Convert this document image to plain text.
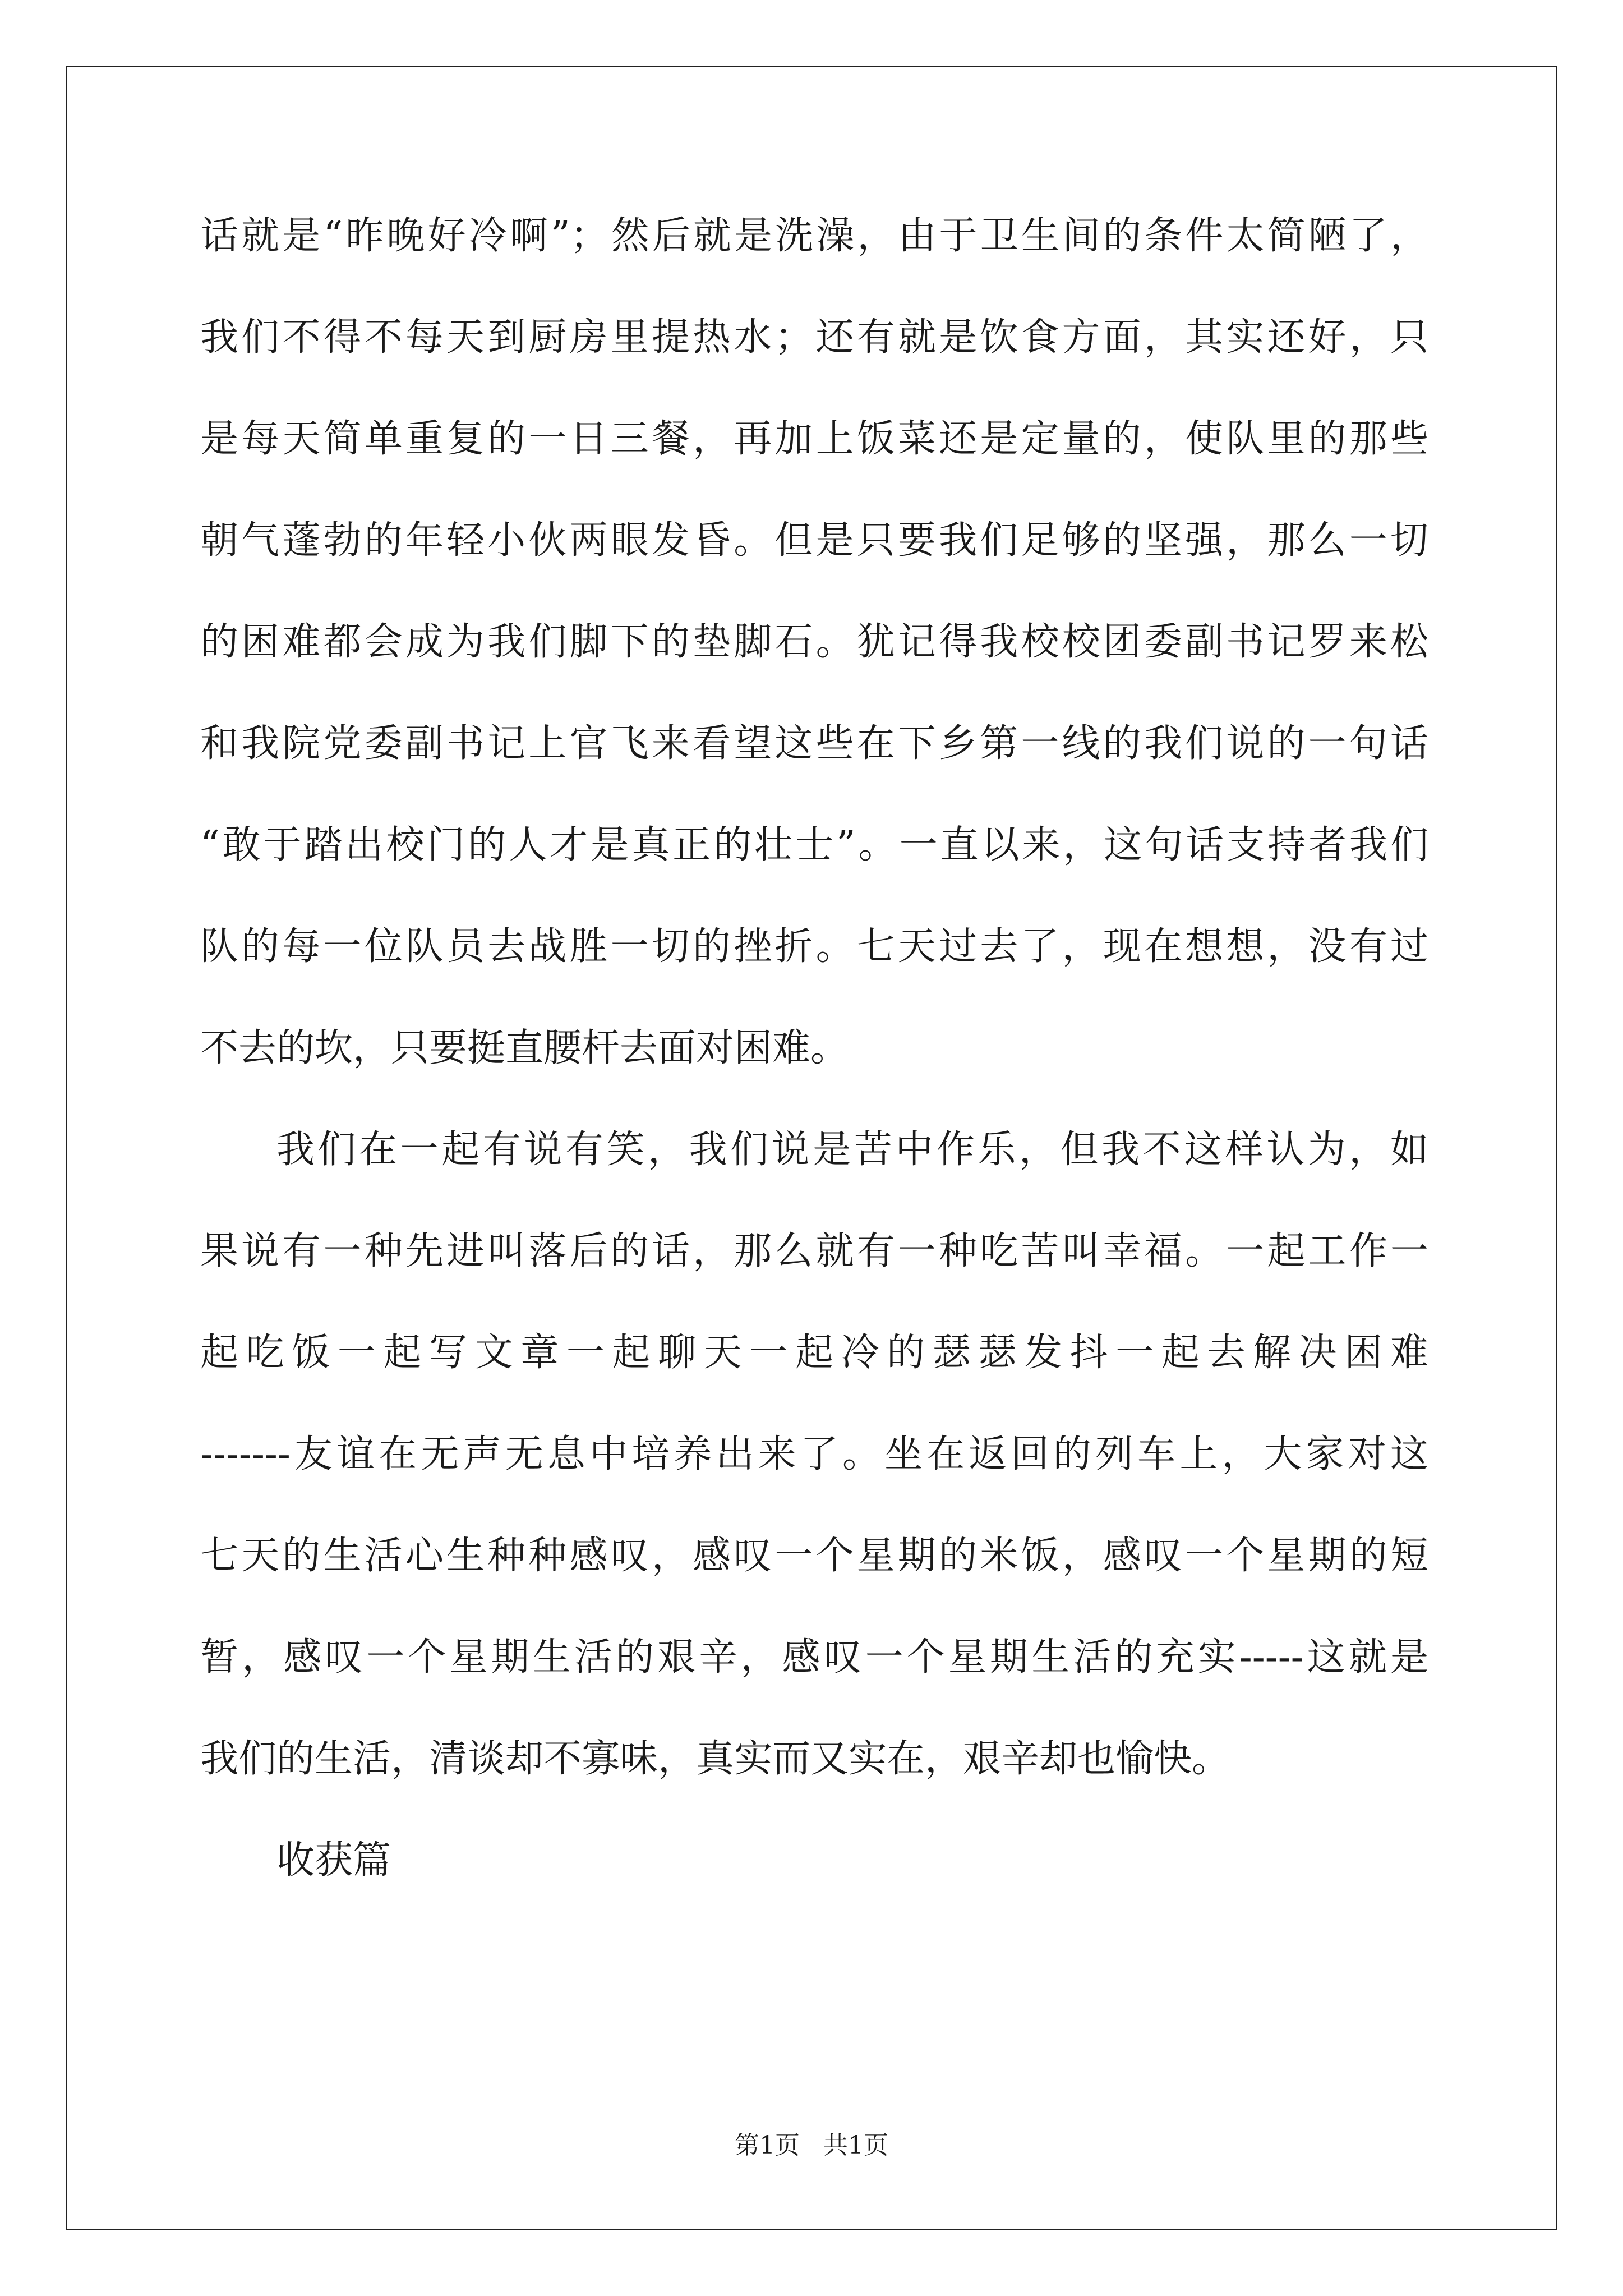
话就是“昨晚好冷啊”；然后就是洗澡，由于卫生间的条件太简陋了，
我们不得不每天到厨房里提热水；还有就是饮食方面，其实还好，只
是每天简单重复的一日三餐，再加上饭菜还是定量的，使队里的那些
朝气蓬勃的年轻小伙两眼发昏。但是只要我们足够的坚强，那么一切
的困难都会成为我们脚下的垫脚石。犹记得我校校团委副书记罗来松
和我院党委副书记上官飞来看望这些在下乡第一线的我们说的一句话
“敢于踏出校门的人才是真正的壮士”。一直以来，这句话支持者我们
队的每一位队员去战胜一切的挫折。七天过去了，现在想想，没有过
不去的坎，只要挺直腰杆去面对困难。
我们在一起有说有笑，我们说是苦中作乐，但我不这样认为，如
果说有一种先进叫落后的话，那么就有一种吃苦叫幸福。一起工作一
起吃饭一起写文章一起聊天一起冷的瑟瑟发抖一起去解决困难
-------友谊在无声无息中培养出来了。坐在返回的列车上，大家对这
七天的生活心生种种感叹，感叹一个星期的米饭，感叹一个星期的短
暂，感叹一个星期生活的艰辛，感叹一个星期生活的充实-----这就是
我们的生活，清谈却不寡味，真实而又实在，艰辛却也愉快。
收获篇
第1页   共1页
